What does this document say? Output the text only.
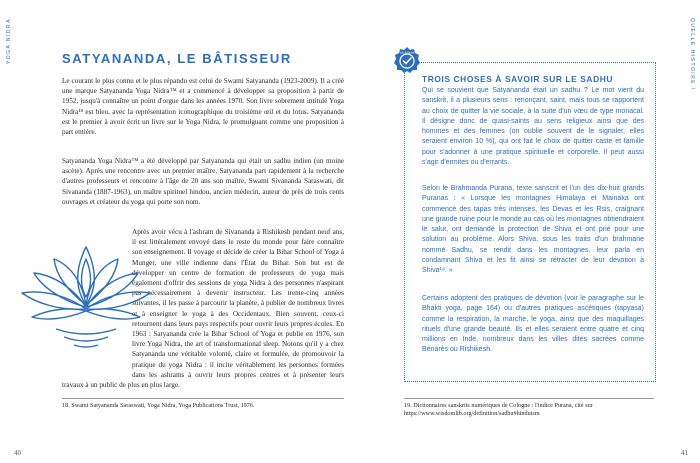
YOGA NIDRA	QUELLE HISTOIRE !
SATYANANDA, LE BÂTISSEUR

Le courant le plus connu et le plus répandu est celui de Swami Satyananda (1923-2009). Il a créé une marque Satyananda Yoga Nidra™ et a commencé à développer sa proposition à partir de 1952, jusqu'à connaître un point d'orgue dans les années 1970. Son livre sobrement intitulé Yoga Nidra¹⁸ est bleu, avec la représentation iconographique du troisième œil et du lotus. Satyananda est le premier à avoir écrit un livre sur le Yoga Nidra, le promulguant comme une proposition à part entière.

Satyananda Yoga Nidra™ a été développé par Satyananda qui était un sadhu indien (un moine ascète). Après une rencontre avec un premier maître, Satyananda part rapidement à la recherche d'autres professeurs et rencontre à l'âge de 20 ans son maître, Swami Sivananda Saraswati, dit Sivananda (1887-1963), un maître spirituel hindou, ancien médecin, auteur de près de trois cents ouvrages et créateur du yoga qui porte son nom.

Après avoir vécu à l'ashram de Sivananda à Rishikesh pendant neuf ans, il est littéralement envoyé dans le reste du monde pour faire connaître son enseignement. Il voyage et décide de créer la Bihar School of Yoga à Munger, une ville indienne dans l'État du Bihar. Son but est de développer un centre de formation de professeurs de yoga mais également d'offrir des sessions de yoga Nidra à des personnes n'aspirant pas nécessairement à devenir instructeur. Les trente-cinq années suivantes, il les passe à parcourir la planète, à publier de nombreux livres et à enseigner le yoga à des Occidentaux. Bien souvent, ceux-ci retournent dans leurs pays respectifs pour ouvrir leurs propres écoles. En 1963 : Satyananda crée la Bihar School of Yoga et publie en 1976, son livre Yoga Nidra, the art of transformational sleep. Notons qu'il y a chez Satyananda une véritable volonté, claire et formulée, de promouvoir la pratique du yoga Nidra : il incite véritablement les personnes formées dans les ashrams à ouvrir leurs propres centres et à présenter leurs travaux à un public de plus en plus large.
18. Swami Satyananda Saraswati, Yoga Nidra, Yoga Publications Trust, 1976.
Voir & Savoir
TROIS CHOSES À SAVOIR SUR LE SADHU

Qui se souvient que Satyananda était un sadhu ? Le mot vient du sanskrit, il a plusieurs sens : renonçant, saint, mais tous se rapportent au choix de quitter la vie sociale, à la suite d'un vœu de type monacal. Il désigne donc de quasi-saints au sens religieux ainsi que des hommes et des femmes (on oublie souvent de le signaler, elles seraient environ 10 %), qui ont fait le choix de quitter caste et famille pour s'adonner à une pratique spirituelle et corporelle. Il peut aussi s'agir d'ermites ou d'errants.

Selon le Brahmanda Purana, texte sanscrit et l'un des dix-huit grands Puranas : « Lorsque les montagnes Himalaya et Mainaka ont commencé des tapas très intenses, les Devas et les Rsis, craignant une grande ruine pour le monde au cas où les montagnes obtiendraient le salut, ont demandé la protection de Shiva et ont prié pour une solution au problème. Alors Shiva, sous les traits d'un brahmane nommé Sadhu, se rendit dans les montagnes, leur parla en condamnant Shiva et les fit ainsi se rétracter de leur dévotion à Shiva¹⁹. »

Certains adoptent des pratiques de dévotion (voir le paragraphe sur le Bhakti yoga, page 164) ou d'autres pratiques ascétiques (tapyasa) comme la respiration, la marche, le yoga, ainsi que des maquillages rituels d'une grande beauté. Ils et elles seraient entre quatre et cinq millions en Inde, nombreux dans les villes dites sacrées comme Bénarès ou Rishikesh.

19. Dictionnaires sanskrits numériques de Cologne : l'indice Purana, cité sur https://www.wisdomlib.org/definition/sadhu#hinduism
40	41
